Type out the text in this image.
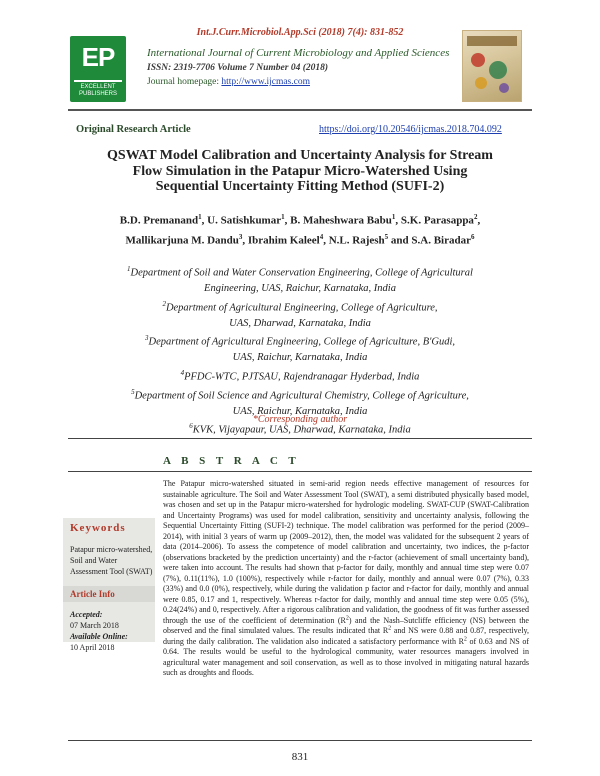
Int.J.Curr.Microbiol.App.Sci (2018) 7(4): 831-852
EP
EXCELLENT
PUBLISHERS
International Journal of Current Microbiology and Applied Sciences
ISSN: 2319-7706 Volume 7 Number 04 (2018)
Journal homepage: http://www.ijcmas.com
Original Research Article	https://doi.org/10.20546/ijcmas.2018.704.092
QSWAT Model Calibration and Uncertainty Analysis for Stream
Flow Simulation in the Patapur Micro-Watershed Using
Sequential Uncertainty Fitting Method (SUFI-2)
B.D. Premanand$^1$, U. Satishkumar$^1$, B. Maheshwara Babu$^1$, S.K. Parasappa$^2$,
Mallikarjuna M. Dandu$^3$, Ibrahim Kaleel$^4$, N.L. Rajesh$^5$ and S.A. Biradar$^6$
$^1$Department of Soil and Water Conservation Engineering, College of Agricultural
Engineering, UAS, Raichur, Karnataka, India
$^2$Department of Agricultural Engineering, College of Agriculture,
UAS, Dharwad, Karnataka, India
$^3$Department of Agricultural Engineering, College of Agriculture, B'Gudi,
UAS, Raichur, Karnataka, India
$^4$PFDC-WTC, PJTSAU, Rajendranagar Hyderbad, India
$^5$Department of Soil Science and Agricultural Chemistry, College of Agriculture,
UAS, Raichur, Karnataka, India
$^6$KVK, Vijayapaur, UAS, Dharwad, Karnataka, India
*Corresponding author
A B S T R A C T
Keywords
Patapur micro-watershed, Soil and Water Assessment Tool (SWAT)
Article Info
Accepted:
07 March 2018
Available Online:
10 April 2018
The Patapur micro-watershed situated in semi-arid region needs effective management of resources for sustainable agriculture. The Soil and Water Assessment Tool (SWAT), a semi distributed physically based model, was chosen and set up in the Patapur micro-watershed for hydrologic modeling. SWAT-CUP (SWAT-Calibration and Uncertainty Programs) was used for model calibration, sensitivity and uncertainty analysis, following the Sequential Uncertainty Fitting (SUFI-2) technique. The model calibration was performed for the period (2009–2014), with initial 3 years of warm up (2009–2012), then, the model was validated for the subsequent 2 years of data (2014–2006). To assess the competence of model calibration and uncertainty, two indices, the p-factor (observations bracketed by the prediction uncertainty) and the r-factor (achievement of small uncertainty band), were taken into account. The results had shown that p-factor for daily, monthly and annual time step were 0.07 (7%), 0.11(11%), 1.0 (100%), respectively while r-factor for daily, monthly and annual were 0.07 (7%), 0.33 (33%) and 0.0 (0%), respectively, while during the validation p factor and r-factor for daily, monthly and annual were 0.85, 0.17 and 1, respectively. Whereas r-factor for daily, monthly and annual time step were 0.05 (5%), 0.24(24%) and 0, respectively. After a rigorous calibration and validation, the goodness of fit was further assessed through the use of the coefficient of determination $(R^2)$ and the Nash–Sutcliffe efficiency (NS) between the observed and the final simulated values. The results indicated that $R^2$ and NS were 0.88 and 0.87, respectively, during the daily calibration. The validation also indicated a satisfactory performance with $R^2$ of 0.63 and NS of 0.64. The results would be useful to the hydrological community, water resources managers involved in agricultural water management and soil conservation, as well as to those involved in mitigating natural hazards such as droughts and floods.
831
